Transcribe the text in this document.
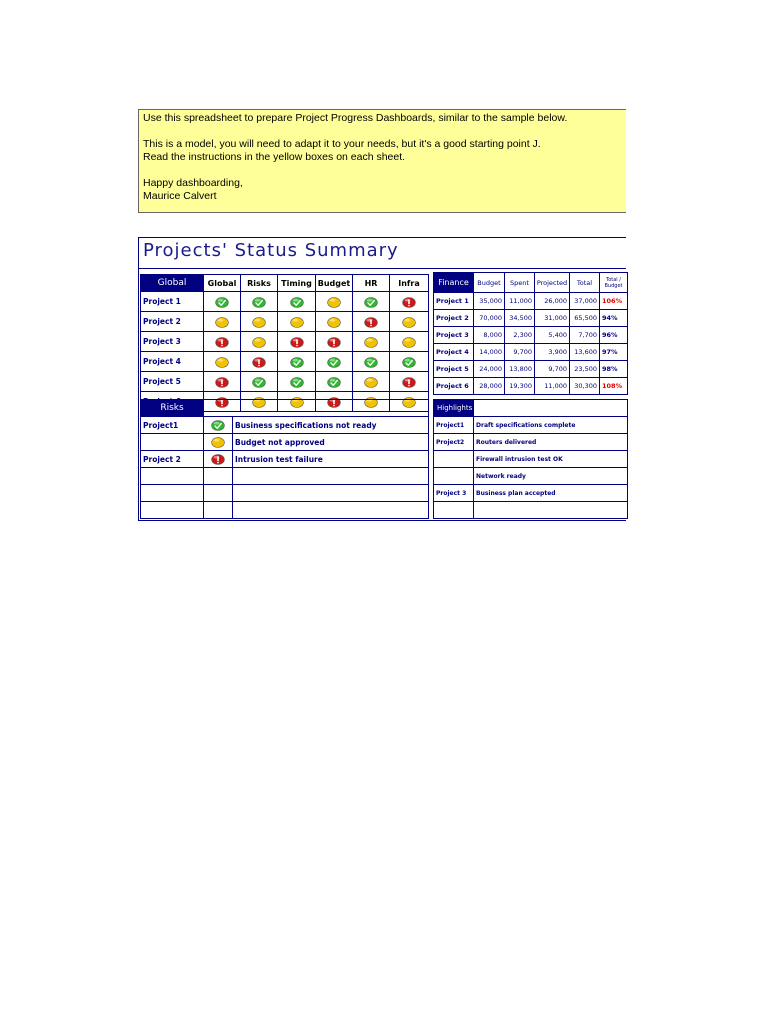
Use this spreadsheet to prepare Project Progress Dashboards, similar to the sample below.

This is a model, you will need to adapt it to your needs, but it's a good starting point J.

Read the instructions in the yellow boxes on each sheet.

Happy dashboarding,

Maurice Calvert

Projects' Status Summary
Global	Global	Risks	Timing	Budget	HR	Infra
Project 1						
Project 2						
Project 3						
Project 4						
Project 5						

Finance	Budget	Spent	Projected	Total	Total / Budget
Project 1	35,000	11,000	26,000	37,000	106%
Project 2	70,000	34,500	31,000	65,500	94%
Project 3	8,000	2,300	5,400	7,700	96%
Project 4	14,000	9,700	3,900	13,600	97%
Project 5	24,000	13,800	9,700	23,500	98%
Project 6	28,000	19,300	11,000	30,300	108%
Risks		
Project1		Business specifications not ready
		Budget not approved
Project 2		Intrusion test failure

Highlights	
Project1	Draft specifications complete
Project2	Routers delivered
	Firewall intrusion test OK
	Network ready
Project 3	Business plan accepted
